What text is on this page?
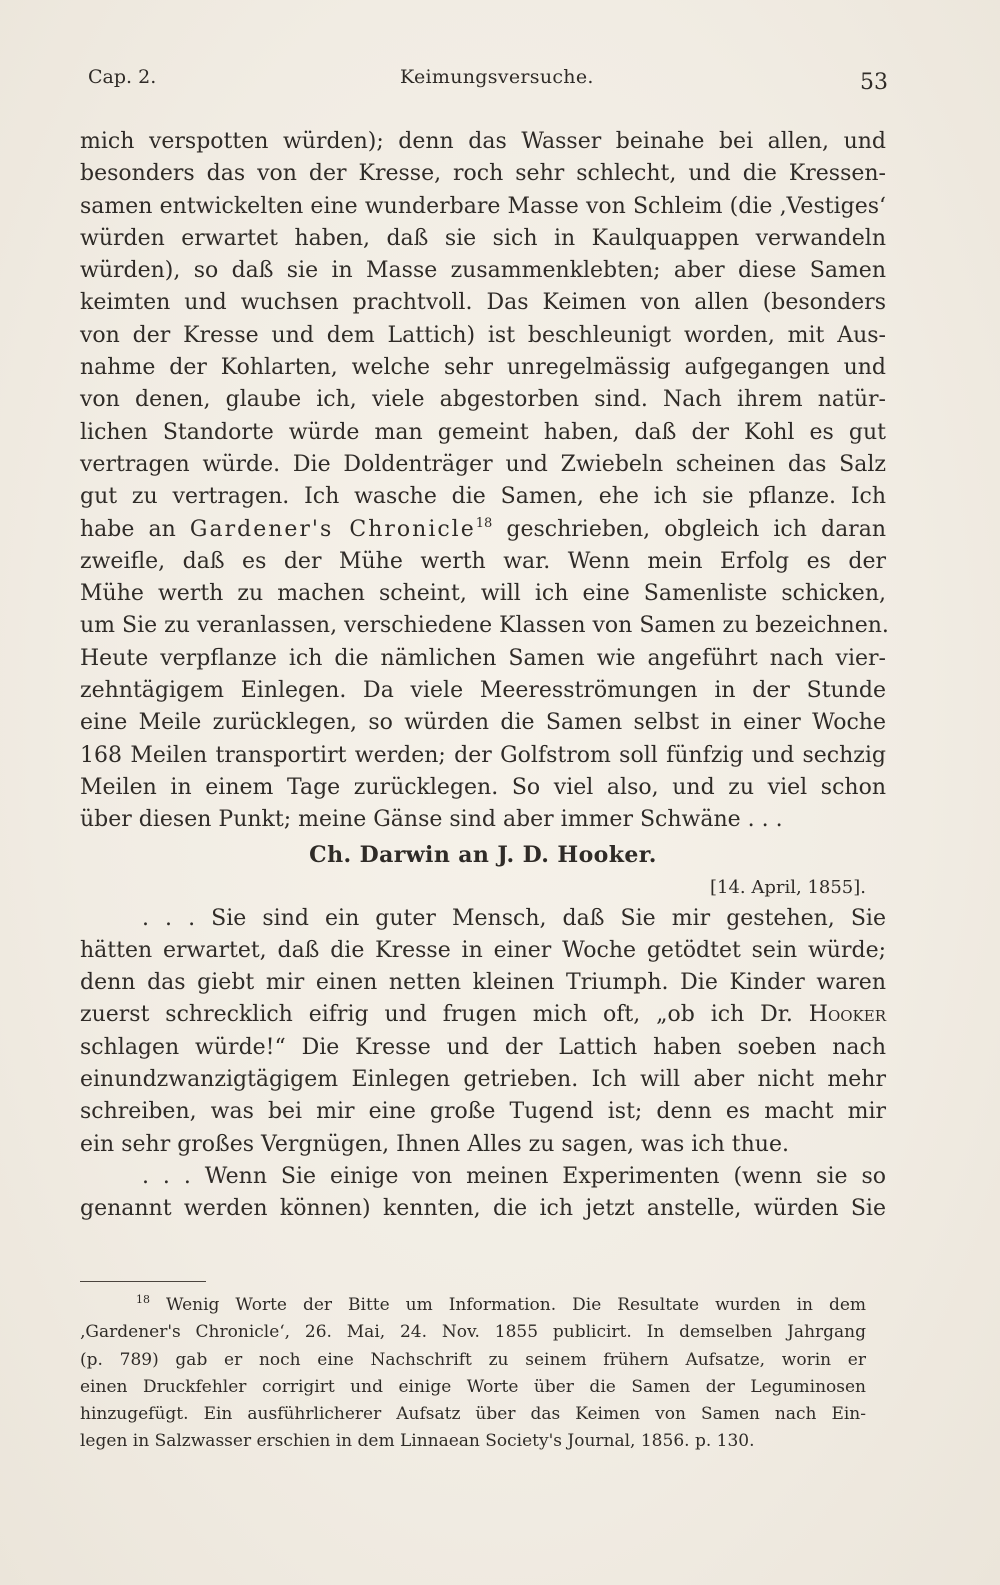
Cap. 2.	Keimungsversuche.	53
mich verspotten würden); denn das Wasser beinahe bei allen, und
besonders das von der Kresse, roch sehr schlecht, und die Kressen-
samen entwickelten eine wunderbare Masse von Schleim (die ‚Vestiges‘
würden erwartet haben, daß sie sich in Kaulquappen verwandeln
würden), so daß sie in Masse zusammenklebten; aber diese Samen
keimten und wuchsen prachtvoll. Das Keimen von allen (besonders
von der Kresse und dem Lattich) ist beschleunigt worden, mit Aus-
nahme der Kohlarten, welche sehr unregelmässig aufgegangen und
von denen, glaube ich, viele abgestorben sind. Nach ihrem natür-
lichen Standorte würde man gemeint haben, daß der Kohl es gut
vertragen würde. Die Doldenträger und Zwiebeln scheinen das Salz
gut zu vertragen. Ich wasche die Samen, ehe ich sie pflanze. Ich
habe an Gardener's Chronicle$^{18}$ geschrieben, obgleich ich daran
zweifle, daß es der Mühe werth war. Wenn mein Erfolg es der
Mühe werth zu machen scheint, will ich eine Samenliste schicken,
um Sie zu veranlassen, verschiedene Klassen von Samen zu bezeichnen.
Heute verpflanze ich die nämlichen Samen wie angeführt nach vier-
zehntägigem Einlegen. Da viele Meeresströmungen in der Stunde
eine Meile zurücklegen, so würden die Samen selbst in einer Woche
168 Meilen transportirt werden; der Golfstrom soll fünfzig und sechzig
Meilen in einem Tage zurücklegen. So viel also, und zu viel schon
über diesen Punkt; meine Gänse sind aber immer Schwäne . . .
Ch. Darwin an J. D. Hooker.
[14. April, 1855].
. . . Sie sind ein guter Mensch, daß Sie mir gestehen, Sie
hätten erwartet, daß die Kresse in einer Woche getödtet sein würde;
denn das giebt mir einen netten kleinen Triumph. Die Kinder waren
zuerst schrecklich eifrig und frugen mich oft, „ob ich Dr. Hooker
schlagen würde!“ Die Kresse und der Lattich haben soeben nach
einundzwanzigtägigem Einlegen getrieben. Ich will aber nicht mehr
schreiben, was bei mir eine große Tugend ist; denn es macht mir
ein sehr großes Vergnügen, Ihnen Alles zu sagen, was ich thue.
. . . Wenn Sie einige von meinen Experimenten (wenn sie so
genannt werden können) kennten, die ich jetzt anstelle, würden Sie
$^{18}$ Wenig Worte der Bitte um Information. Die Resultate wurden in dem
‚Gardener's Chronicle‘, 26. Mai, 24. Nov. 1855 publicirt. In demselben Jahrgang
(p. 789) gab er noch eine Nachschrift zu seinem frühern Aufsatze, worin er
einen Druckfehler corrigirt und einige Worte über die Samen der Leguminosen
hinzugefügt. Ein ausführlicherer Aufsatz über das Keimen von Samen nach Ein-
legen in Salzwasser erschien in dem Linnaean Society's Journal, 1856. p. 130.
